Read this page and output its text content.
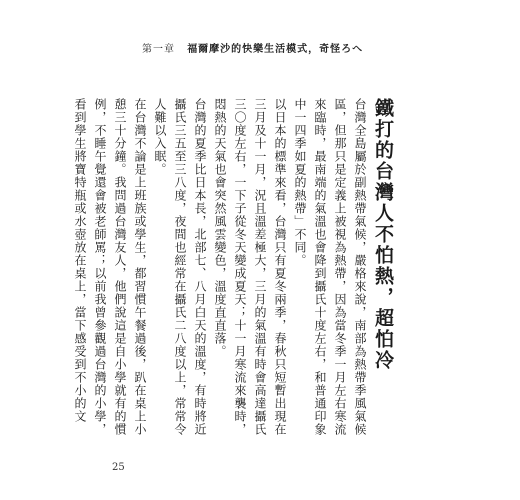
第一章 福爾摩沙的快樂生活模式，奇怪ろへ
鐵打的台灣人不怕熱，超怕冷

台灣全島屬於副熱帶氣候，嚴格來說，南部為熱帶季風氣候區，但那只是定義上被視為熱帶，因為當冬季一月左右寒流來臨時，最南端的氣溫也會降到攝氏十度左右，和普通印象中一四季如夏的熱帶」不同。

以日本的標準來看，台灣只有夏冬兩季，春秋只短暫出現在三月及十一月，況且溫差極大，三月的氣溫有時會高達攝氏三〇度左右，一下子從冬天變成夏天；十一月寒流來襲時，悶熱的天氣也會突然風雲變色，溫度直直落。

台灣的夏季比日本長，北部七、八月白天的溫度，有時將近攝氏三五至三八度，夜間也經常在攝氏二八度以上，常常令人難以入眠。

在台灣不論是上班族或學生，都習慣午餐過後，趴在桌上小憩三十分鐘。我問過台灣友人，他們說這是自小學就有的慣例，不睡午覺還會被老師罵；以前我曾參觀過台灣的小學，看到學生將寶特瓶或水壺放在桌上，當下感受到不小的文

25
